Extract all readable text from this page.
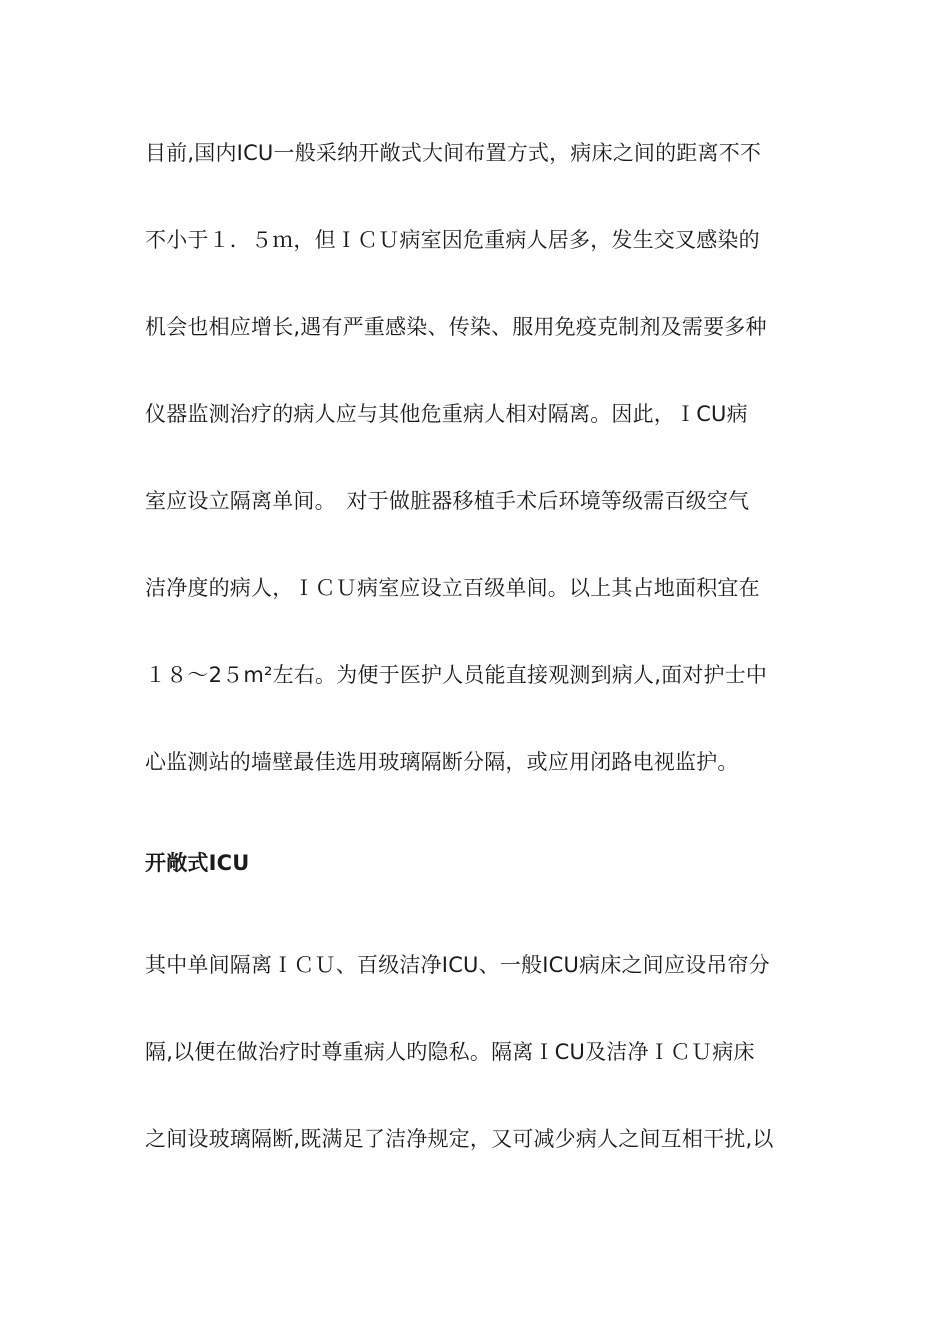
目前,国内ICU一般采纳开敞式大间布置方式，病床之间的距离不不
不小于１．５ｍ，但ＩＣＵ病室因危重病人居多，发生交叉感染的
机会也相应增长,遇有严重感染、传染、服用免疫克制剂及需要多种
仪器监测治疗的病人应与其他危重病人相对隔离。因此，ＩCU病
室应设立隔离单间。　对于做脏器移植手术后环境等级需百级空气
洁净度的病人，ＩＣＵ病室应设立百级单间。以上其占地面积宜在
１８～2５m²左右。为便于医护人员能直接观测到病人,面对护士中
心监测站的墙壁最佳选用玻璃隔断分隔，或应用闭路电视监护。
开敞式ICU
其中单间隔离ＩＣＵ、百级洁净ICU、一般ICU病床之间应设吊帘分
隔,以便在做治疗时尊重病人旳隐私。隔离ＩCU及洁净ＩＣＵ病床
之间设玻璃隔断,既满足了洁净规定，又可减少病人之间互相干扰,以
